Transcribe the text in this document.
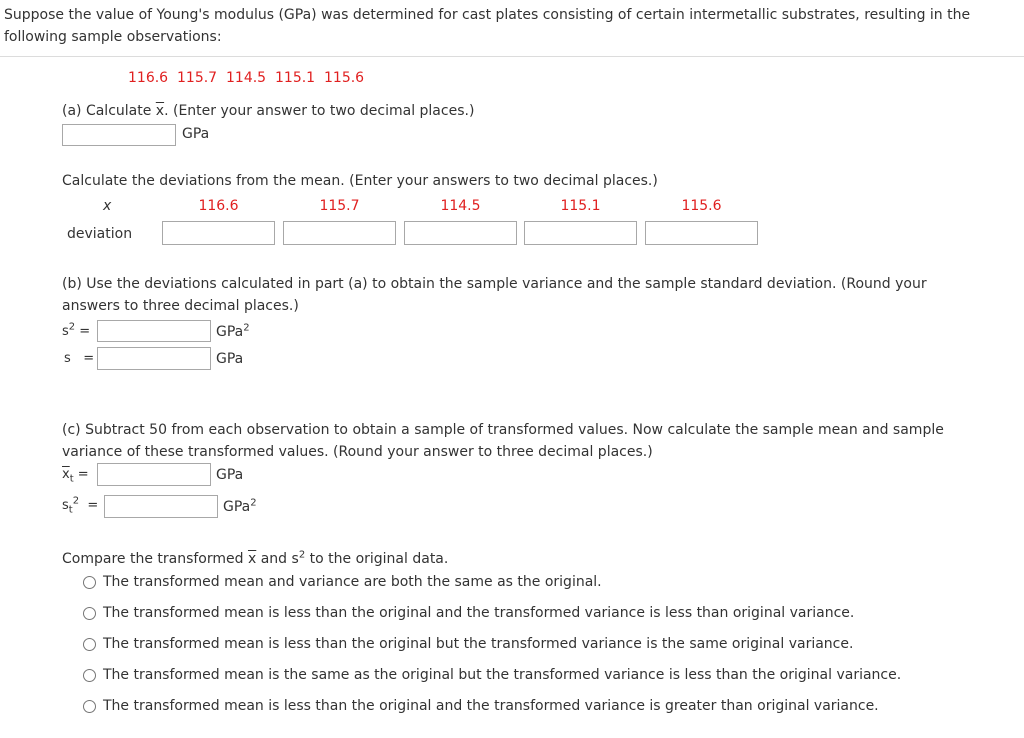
Suppose the value of Young's modulus (GPa) was determined for cast plates consisting of certain intermetallic substrates, resulting in the
following sample observations:
116.6 115.7 114.5 115.1 115.6
(a) Calculate $\overline{x}$. (Enter your answer to two decimal places.)
GPa
Calculate the deviations from the mean. (Enter your answers to two decimal places.)
x	116.6	115.7	114.5	115.1	115.6
deviation
(b) Use the deviations calculated in part (a) to obtain the sample variance and the sample standard deviation. (Round your
answers to three decimal places.)
$s^2$ =	GPa$^2$
s =	GPa
(c) Subtract 50 from each observation to obtain a sample of transformed values. Now calculate the sample mean and sample
variance of these transformed values. (Round your answer to three decimal places.)
$\overline{x}_t$ =	GPa
$s_t^2$ =	GPa$^2$
Compare the transformed $\overline{x}$ and $s^2$ to the original data.
The transformed mean and variance are both the same as the original.
The transformed mean is less than the original and the transformed variance is less than original variance.
The transformed mean is less than the original but the transformed variance is the same original variance.
The transformed mean is the same as the original but the transformed variance is less than the original variance.
The transformed mean is less than the original and the transformed variance is greater than original variance.
